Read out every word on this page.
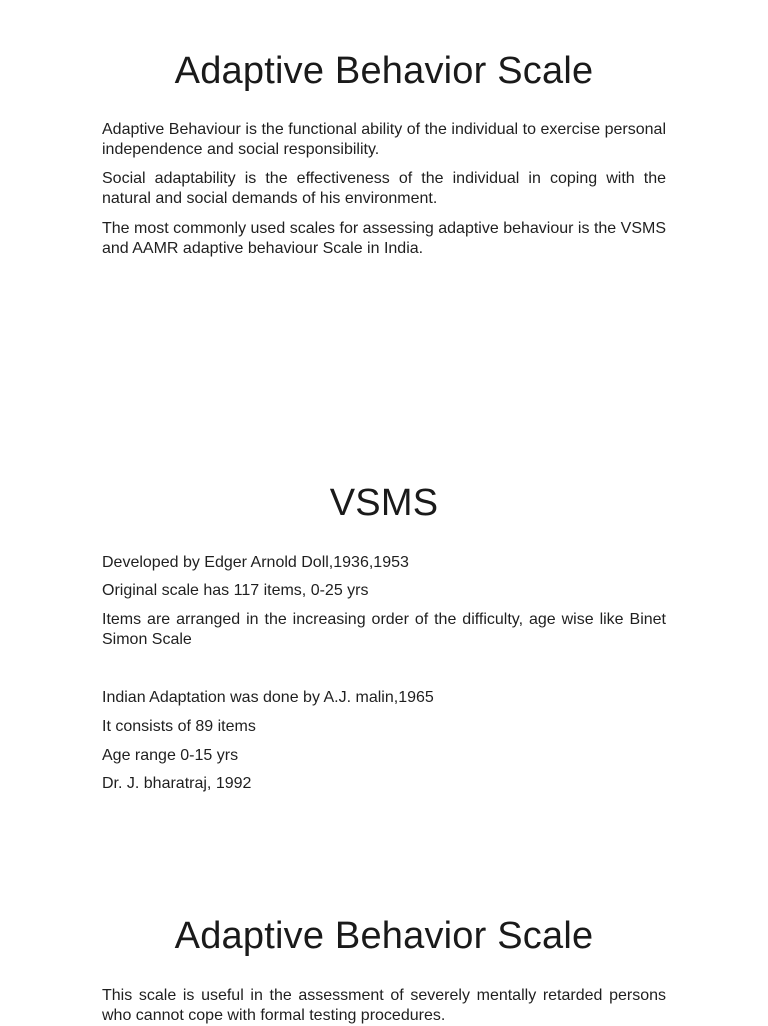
Adaptive Behavior Scale

Adaptive Behaviour is the functional ability of the individual to exercise personal independence and social responsibility.

Social adaptability is the effectiveness of the individual in coping with the natural and social demands of his environment.

The most commonly used scales for assessing adaptive behaviour is the VSMS and AAMR adaptive behaviour Scale in India.

VSMS

Developed by Edger Arnold Doll,1936,1953

Original scale has 117 items, 0-25 yrs

Items are arranged in the increasing order of the difficulty, age wise like Binet Simon Scale

Indian Adaptation was done by A.J. malin,1965

It consists of 89 items

Age range 0-15 yrs

Dr. J. bharatraj, 1992

Adaptive Behavior Scale

This scale is useful in the assessment of severely mentally retarded persons who cannot cope with formal testing procedures.
